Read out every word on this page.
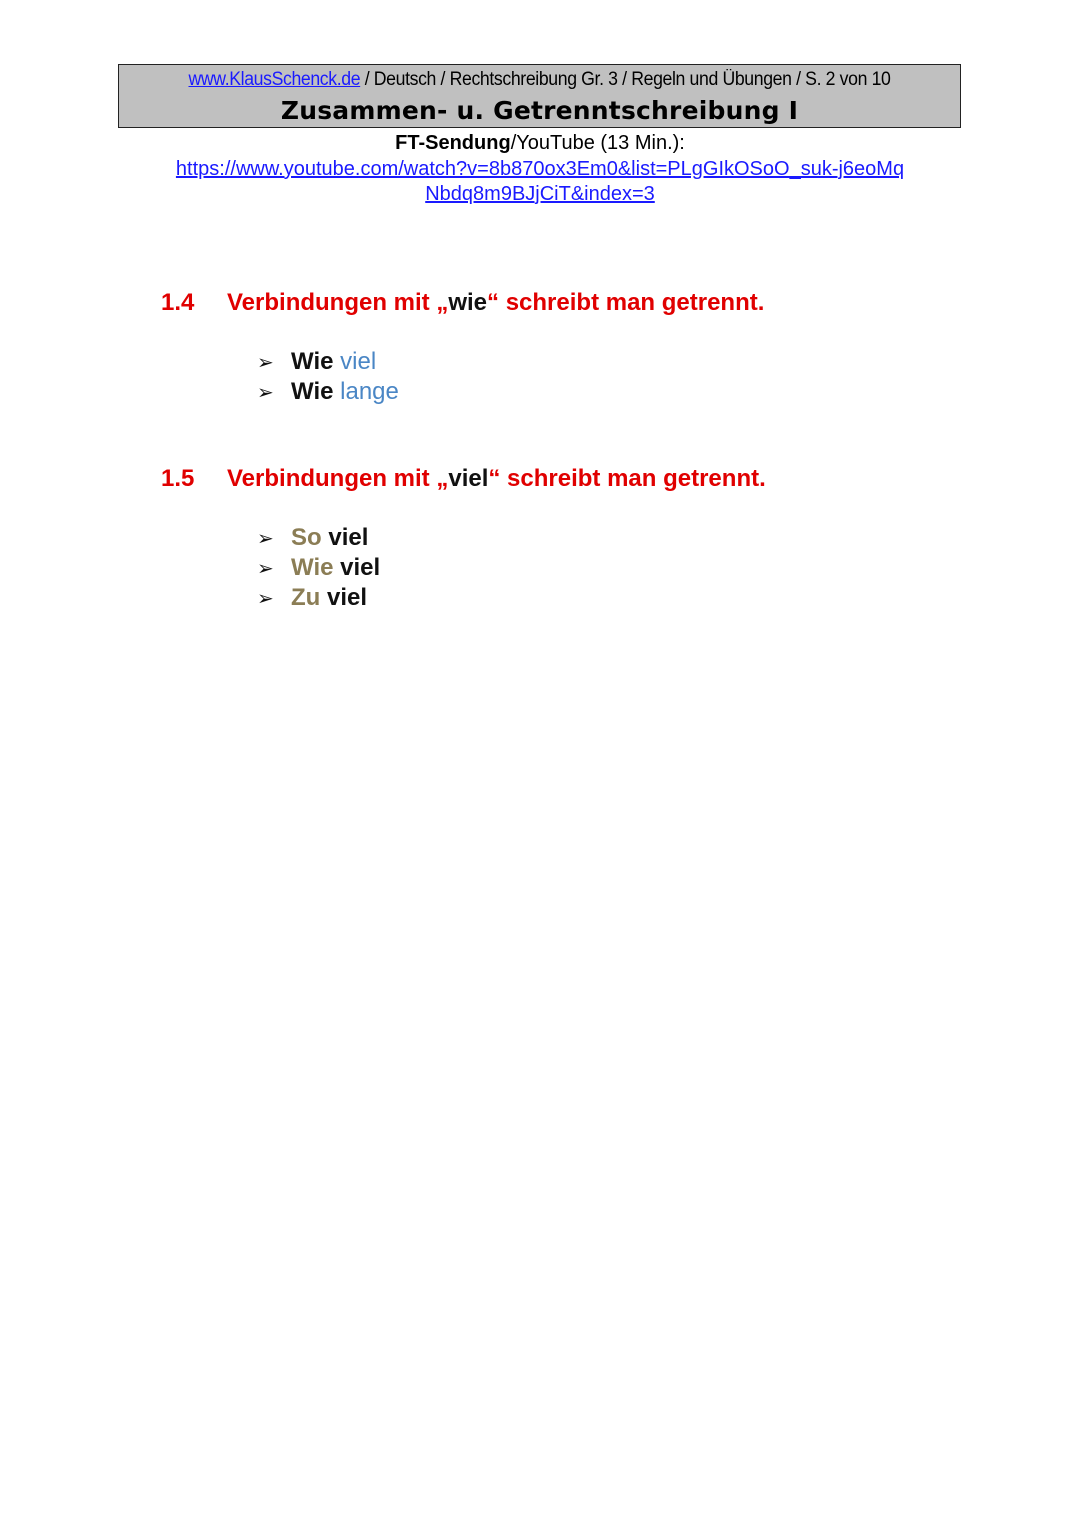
www.KlausSchenck.de / Deutsch / Rechtschreibung Gr. 3 / Regeln und Übungen / S. 2 von 10
Zusammen- u. Getrenntschreibung I
FT-Sendung/YouTube (13 Min.):
https://www.youtube.com/watch?v=8b870ox3Em0&list=PLgGIkOSoO_suk-j6eoMqNbdq8m9BJjCiT&index=3
1.4 Verbindungen mit „wie“ schreibt man getrennt.
➢ Wie viel
➢ Wie lange
1.5 Verbindungen mit „viel“ schreibt man getrennt.
➢ So viel
➢ Wie viel
➢ Zu viel
